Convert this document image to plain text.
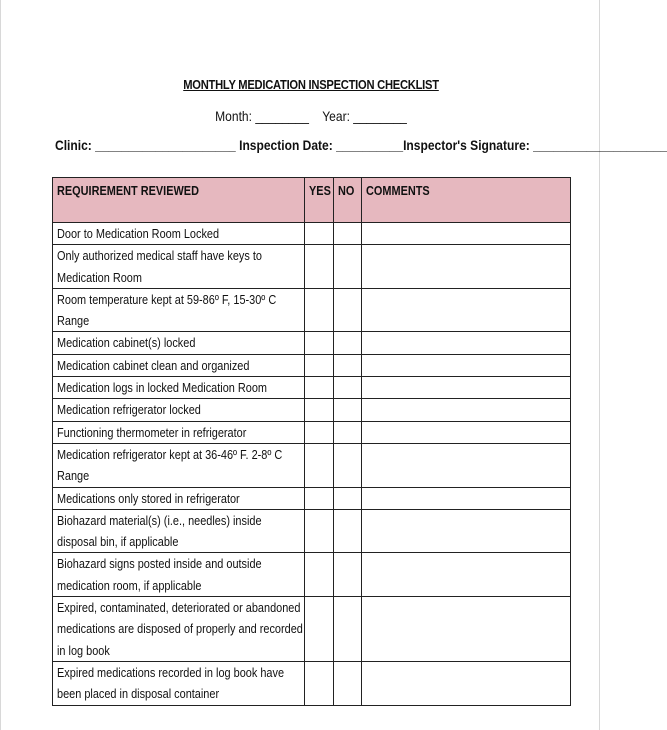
MONTHLY MEDICATION INSPECTION CHECKLIST
Month: ________ Year: ________
Clinic: _____________________ Inspection Date: __________Inspector's Signature: ____________________
REQUIREMENT REVIEWED	YES	NO	COMMENTS

Door to Medication Room Locked			

Only authorized medical staff have keys to Medication Room			

Room temperature kept at 59-86º F, 15-30º C Range			

Medication cabinet(s) locked			

Medication cabinet clean and organized			

Medication logs in locked Medication Room			

Medication refrigerator locked			

Functioning thermometer in refrigerator			

Medication refrigerator kept at 36-46º F. 2-8º C Range			

Medications only stored in refrigerator			

Biohazard material(s) (i.e., needles) inside disposal bin, if applicable			

Biohazard signs posted inside and outside medication room, if applicable			

Expired, contaminated, deteriorated or abandoned medications are disposed of properly and recorded in log book			

Expired medications recorded in log book have been placed in disposal container			
